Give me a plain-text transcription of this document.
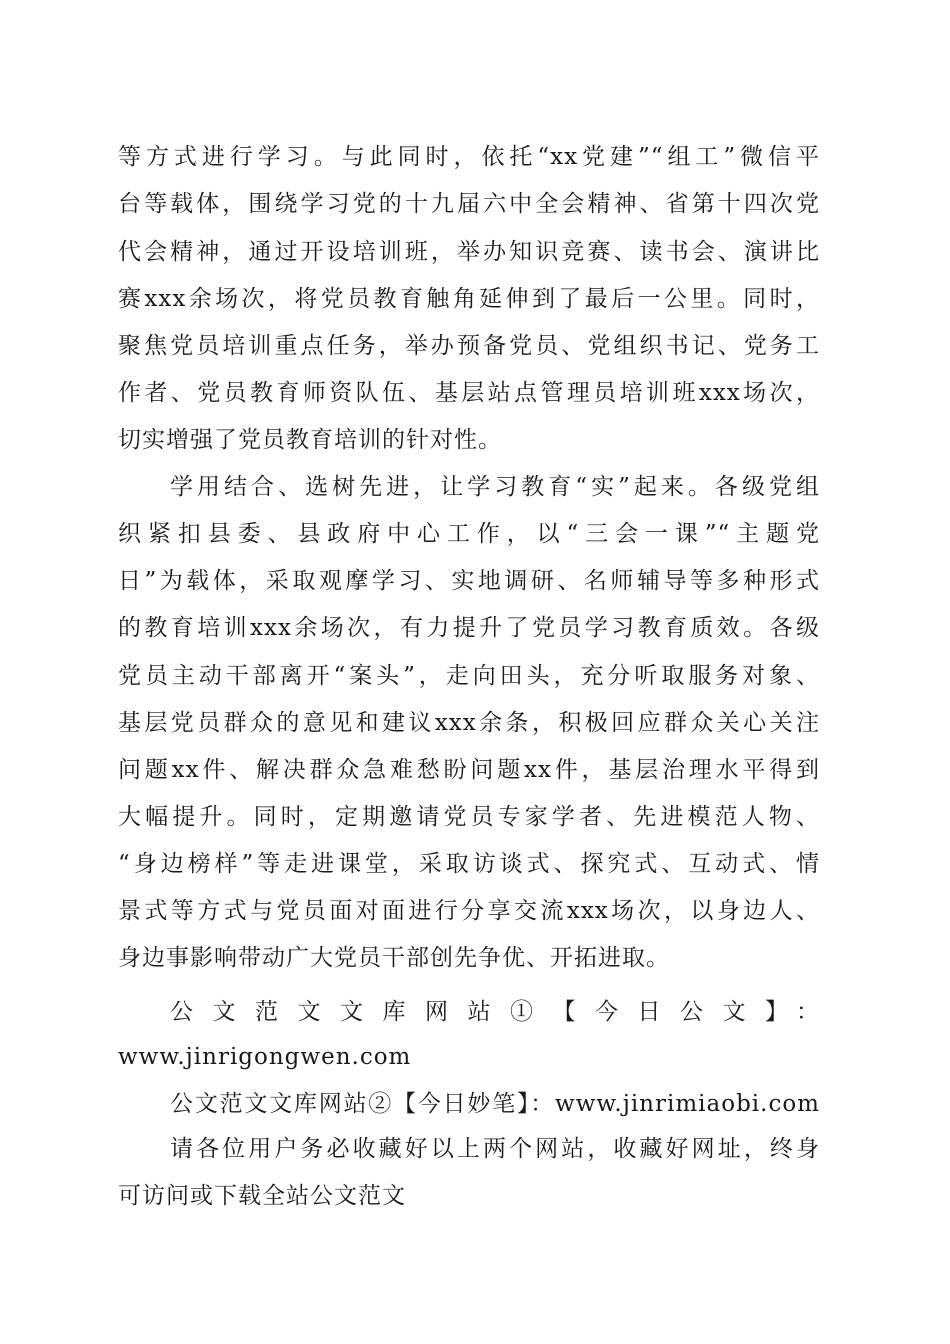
等方式进行学习。与此同时，依托“xx党建”“组工”微信平
台等载体，围绕学习党的十九届六中全会精神、省第十四次党
代会精神，通过开设培训班，举办知识竞赛、读书会、演讲比
赛xxx余场次，将党员教育触角延伸到了最后一公里。同时，
聚焦党员培训重点任务，举办预备党员、党组织书记、党务工
作者、党员教育师资队伍、基层站点管理员培训班xxx场次，
切实增强了党员教育培训的针对性。
学用结合、选树先进，让学习教育“实”起来。各级党组
织紧扣县委、县政府中心工作，以“三会一课”“主题党
日”为载体，采取观摩学习、实地调研、名师辅导等多种形式
的教育培训xxx余场次，有力提升了党员学习教育质效。各级
党员主动干部离开“案头”，走向田头，充分听取服务对象、
基层党员群众的意见和建议xxx余条，积极回应群众关心关注
问题xx件、解决群众急难愁盼问题xx件，基层治理水平得到
大幅提升。同时，定期邀请党员专家学者、先进模范人物、
“身边榜样”等走进课堂，采取访谈式、探究式、互动式、情
景式等方式与党员面对面进行分享交流xxx场次，以身边人、
身边事影响带动广大党员干部创先争优、开拓进取。
公文范文文库网站①【今日公文】：
www.jinrigongwen.com
公文范文文库网站②【今日妙笔】：www.jinrimiaobi.com
请各位用户务必收藏好以上两个网站，收藏好网址，终身
可访问或下载全站公文范文
